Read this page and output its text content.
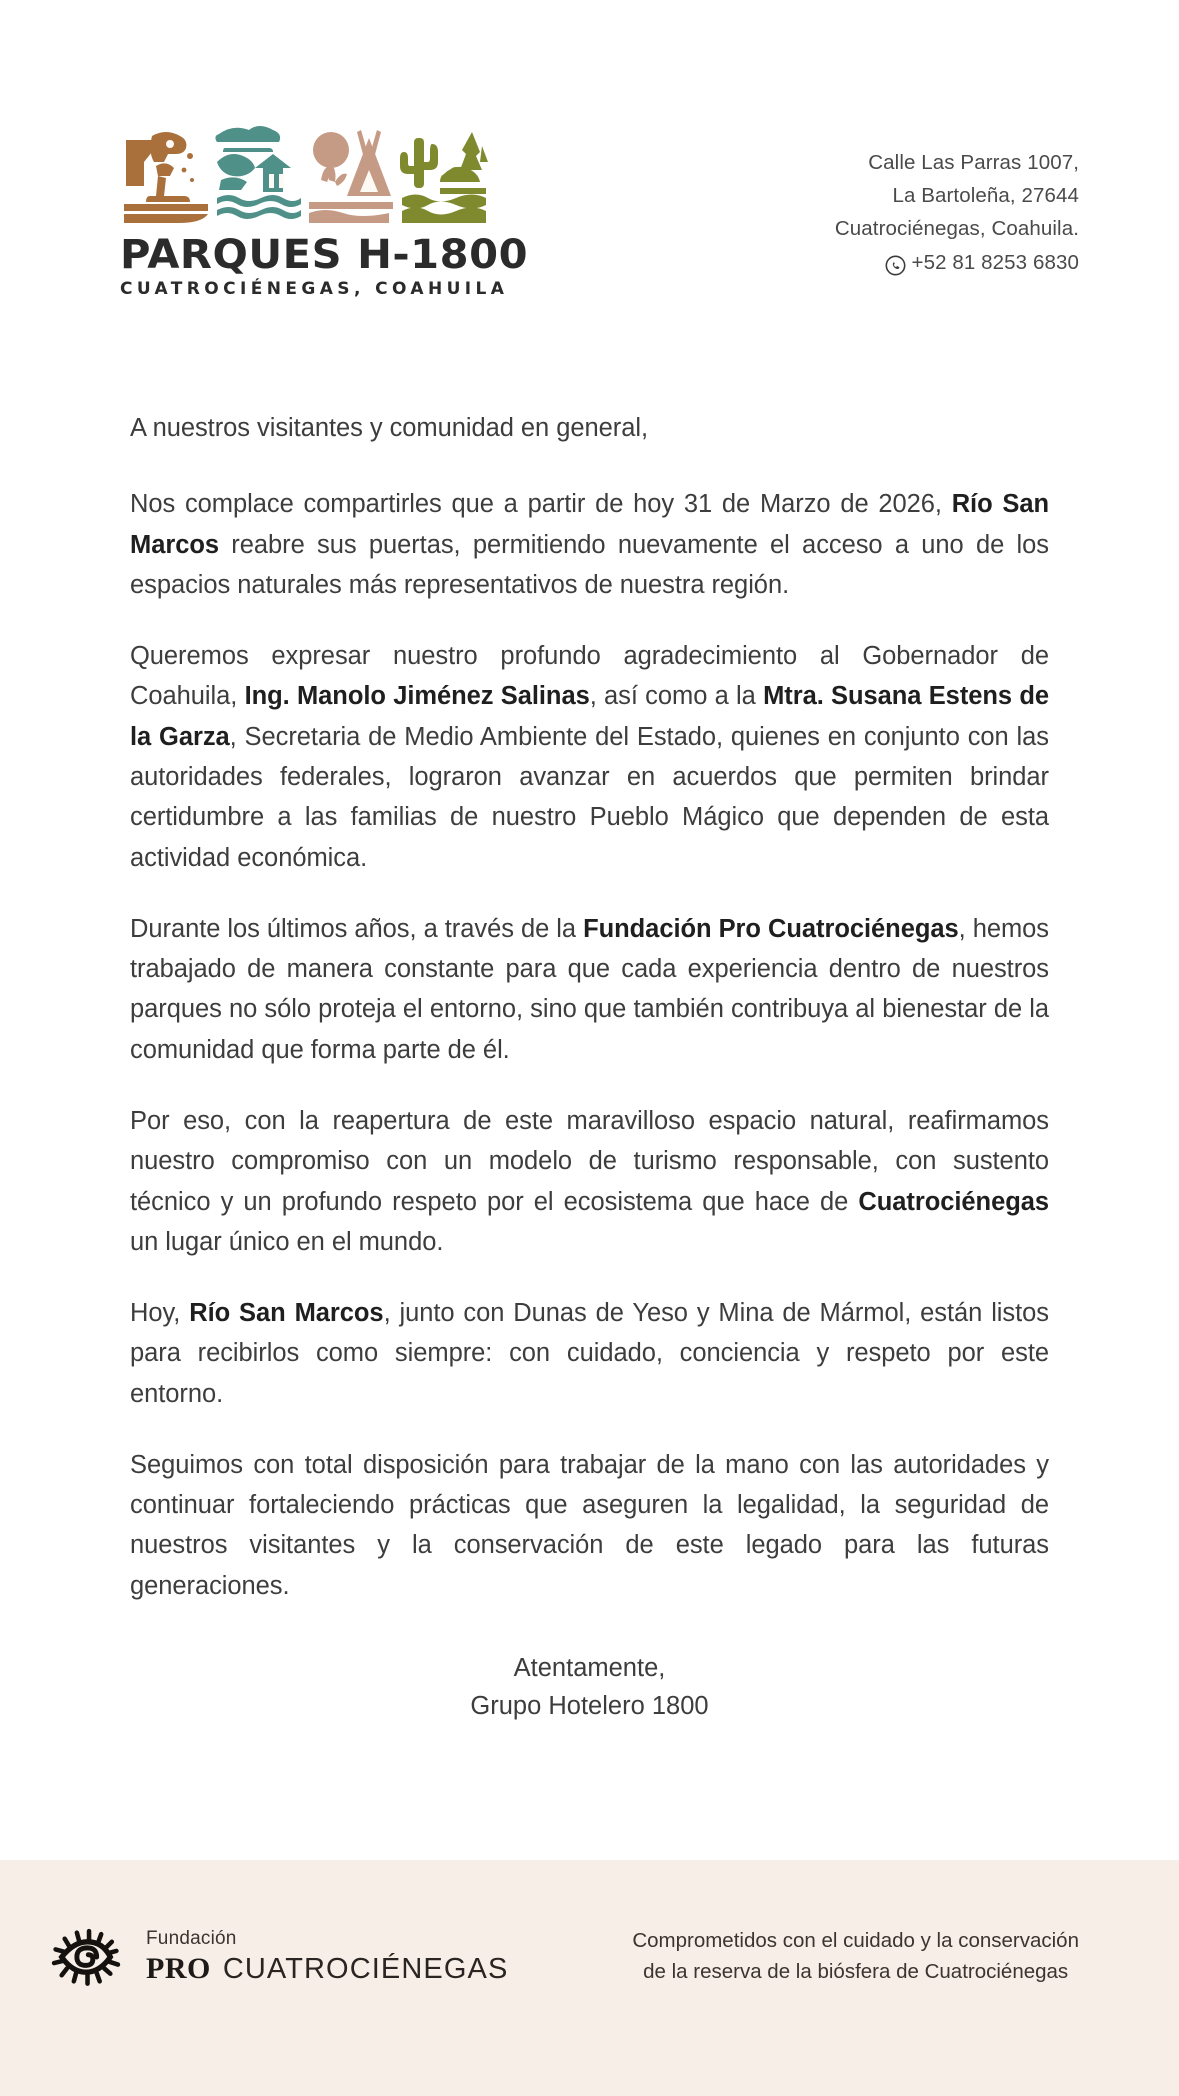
PARQUES H-1800
CUATROCIÉNEGAS, COAHUILA
Calle Las Parras 1007,
La Bartoleña, 27644
Cuatrociénegas, Coahuila.
+52 81 8253 6830

A nuestros visitantes y comunidad en general,

Nos complace compartirles que a partir de hoy 31 de Marzo de 2026, Río San Marcos reabre sus puertas, permitiendo nuevamente el acceso a uno de los espacios naturales más representativos de nuestra región.

Queremos expresar nuestro profundo agradecimiento al Gobernador de Coahuila, Ing. Manolo Jiménez Salinas, así como a la Mtra. Susana Estens de la Garza, Secretaria de Medio Ambiente del Estado, quienes en conjunto con las autoridades federales, lograron avanzar en acuerdos que permiten brindar certidumbre a las familias de nuestro Pueblo Mágico que dependen de esta actividad económica.

Durante los últimos años, a través de la Fundación Pro Cuatrociénegas, hemos trabajado de manera constante para que cada experiencia dentro de nuestros parques no sólo proteja el entorno, sino que también contribuya al bienestar de la comunidad que forma parte de él.

Por eso, con la reapertura de este maravilloso espacio natural, reafirmamos nuestro compromiso con un modelo de turismo responsable, con sustento técnico y un profundo respeto por el ecosistema que hace de Cuatrociénegas un lugar único en el mundo.

Hoy, Río San Marcos, junto con Dunas de Yeso y Mina de Mármol, están listos para recibirlos como siempre: con cuidado, conciencia y respeto por este entorno.

Seguimos con total disposición para trabajar de la mano con las autoridades y continuar fortaleciendo prácticas que aseguren la legalidad, la seguridad de nuestros visitantes y la conservación de este legado para las futuras generaciones.

Atentamente,
Grupo Hotelero 1800
Fundación
PRO CUATROCIÉNEGAS
Comprometidos con el cuidado y la conservación
de la reserva de la biósfera de Cuatrociénegas
